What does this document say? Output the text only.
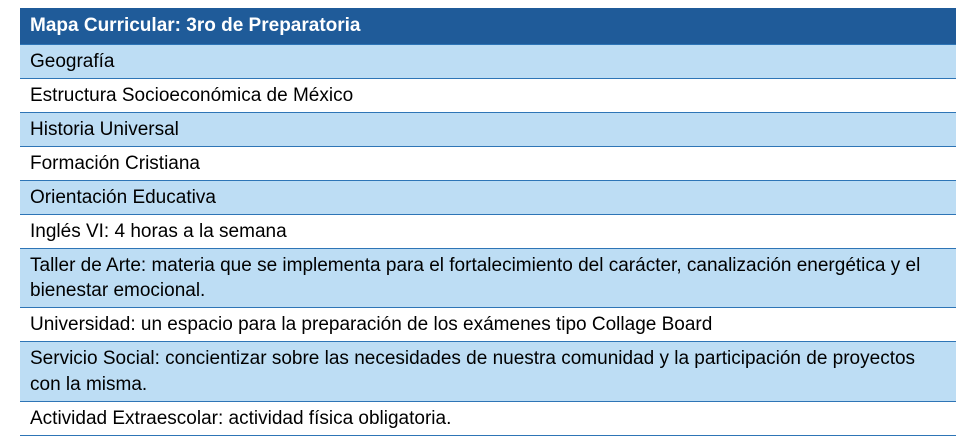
Mapa Curricular: 3ro de Preparatoria
Geografía
Estructura Socioeconómica de México
Historia Universal
Formación Cristiana
Orientación Educativa
Inglés VI: 4 horas a la semana
Taller de Arte: materia que se implementa para el fortalecimiento del carácter, canalización energética y el bienestar emocional.
Universidad: un espacio para la preparación de los exámenes tipo Collage Board
Servicio Social: concientizar sobre las necesidades de nuestra comunidad y la participación de proyectos con la misma.
Actividad Extraescolar: actividad física obligatoria.
